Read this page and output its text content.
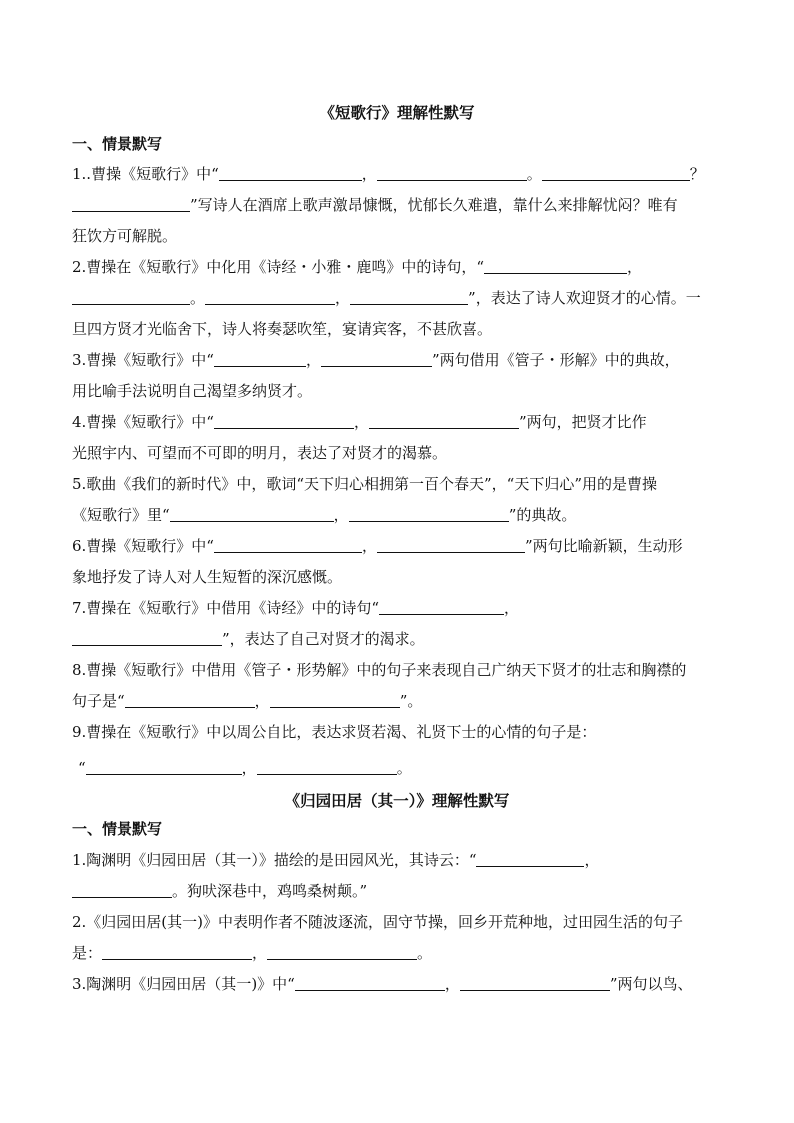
《短歌行》理解性默写
一、情景默写
1..曹操《短歌行》中“	，	。	？
”写诗人在酒席上歌声激昂慷慨，忧郁长久难遣，靠什么来排解忧闷？唯有
狂饮方可解脱。
2.曹操在《短歌行》中化用《诗经・小雅・鹿鸣》中的诗句，“	，
。	，	”，表达了诗人欢迎贤才的心情。一
旦四方贤才光临舍下，诗人将奏瑟吹笙，宴请宾客，不甚欣喜。
3.曹操《短歌行》中“	，	”两句借用《管子・形解》中的典故，
用比喻手法说明自己渴望多纳贤才。
4.曹操《短歌行》中“	，	”两句，把贤才比作
光照宇内、可望而不可即的明月，表达了对贤才的渴慕。
5.歌曲《我们的新时代》中，歌词“天下归心相拥第一百个春天”，“天下归心”用的是曹操
《短歌行》里“	，	”的典故。
6.曹操《短歌行》中“	，	”两句比喻新颖，生动形
象地抒发了诗人对人生短暂的深沉感慨。
7.曹操在《短歌行》中借用《诗经》中的诗句“	，
”，表达了自己对贤才的渴求。
8.曹操《短歌行》中借用《管子・形势解》中的句子来表现自己广纳天下贤才的壮志和胸襟的
句子是“	，	”。
9.曹操在《短歌行》中以周公自比，表达求贤若渴、礼贤下士的心情的句子是：
“	，	。
《归园田居（其一）》理解性默写
一、情景默写
1.陶渊明《归园田居（其一）》描绘的是田园风光，其诗云：“	，
。狗吠深巷中，鸡鸣桑树颠。”
2.《归园田居(其一)》中表明作者不随波逐流，固守节操，回乡开荒种地，过田园生活的句子
是：	，	。
3.陶渊明《归园田居（其一)》中“	，	”两句以鸟、
